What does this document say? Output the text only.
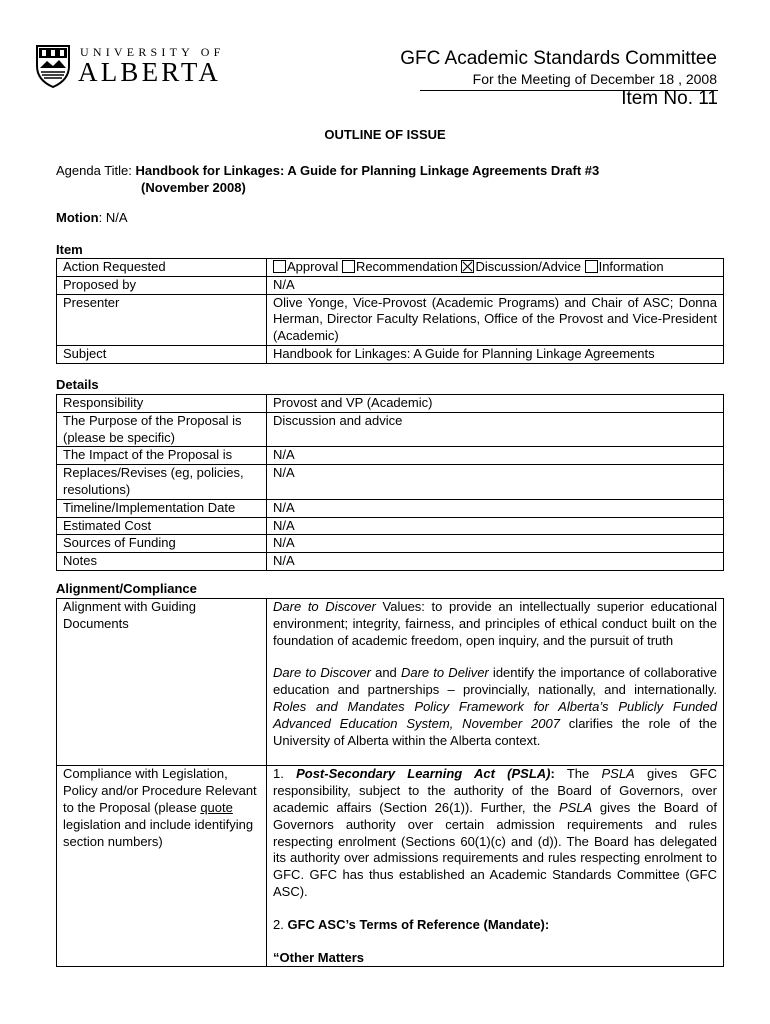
UNIVERSITY OF
ALBERTA	GFC Academic Standards Committee
For the Meeting of December 18 , 2008
Item No. 11
OUTLINE OF ISSUE
Agenda Title: Handbook for Linkages: A Guide for Planning Linkage Agreements Draft #3
(November 2008)
Motion: N/A
Item
Action Requested	Approval Recommendation Discussion/Advice Information
Proposed by	N/A
Presenter	Olive Yonge, Vice-Provost (Academic Programs) and Chair of ASC; Donna Herman, Director Faculty Relations, Office of the Provost and Vice-President (Academic)
Subject	Handbook for Linkages: A Guide for Planning Linkage Agreements
Details
Responsibility	Provost and VP (Academic)
The Purpose of the Proposal is (please be specific)	Discussion and advice
The Impact of the Proposal is	N/A
Replaces/Revises (eg, policies, resolutions)	N/A
Timeline/Implementation Date	N/A
Estimated Cost	N/A
Sources of Funding	N/A
Notes	N/A
Alignment/Compliance
Alignment with Guiding Documents	Dare to Discover Values: to provide an intellectually superior educational environment; integrity, fairness, and principles of ethical conduct built on the foundation of academic freedom, open inquiry, and the pursuit of truth
Dare to Discover and Dare to Deliver identify the importance of collaborative education and partnerships – provincially, nationally, and internationally. Roles and Mandates Policy Framework for Alberta’s Publicly Funded Advanced Education System, November 2007 clarifies the role of the University of Alberta within the Alberta context.

Compliance with Legislation, Policy and/or Procedure Relevant to the Proposal (please quote legislation and include identifying section numbers)	1. Post-Secondary Learning Act (PSLA): The PSLA gives GFC responsibility, subject to the authority of the Board of Governors, over academic affairs (Section 26(1)). Further, the PSLA gives the Board of Governors authority over certain admission requirements and rules respecting enrolment (Sections 60(1)(c) and (d)). The Board has delegated its authority over admissions requirements and rules respecting enrolment to GFC. GFC has thus established an Academic Standards Committee (GFC ASC).
2. GFC ASC’s Terms of Reference (Mandate):
“Other Matters
